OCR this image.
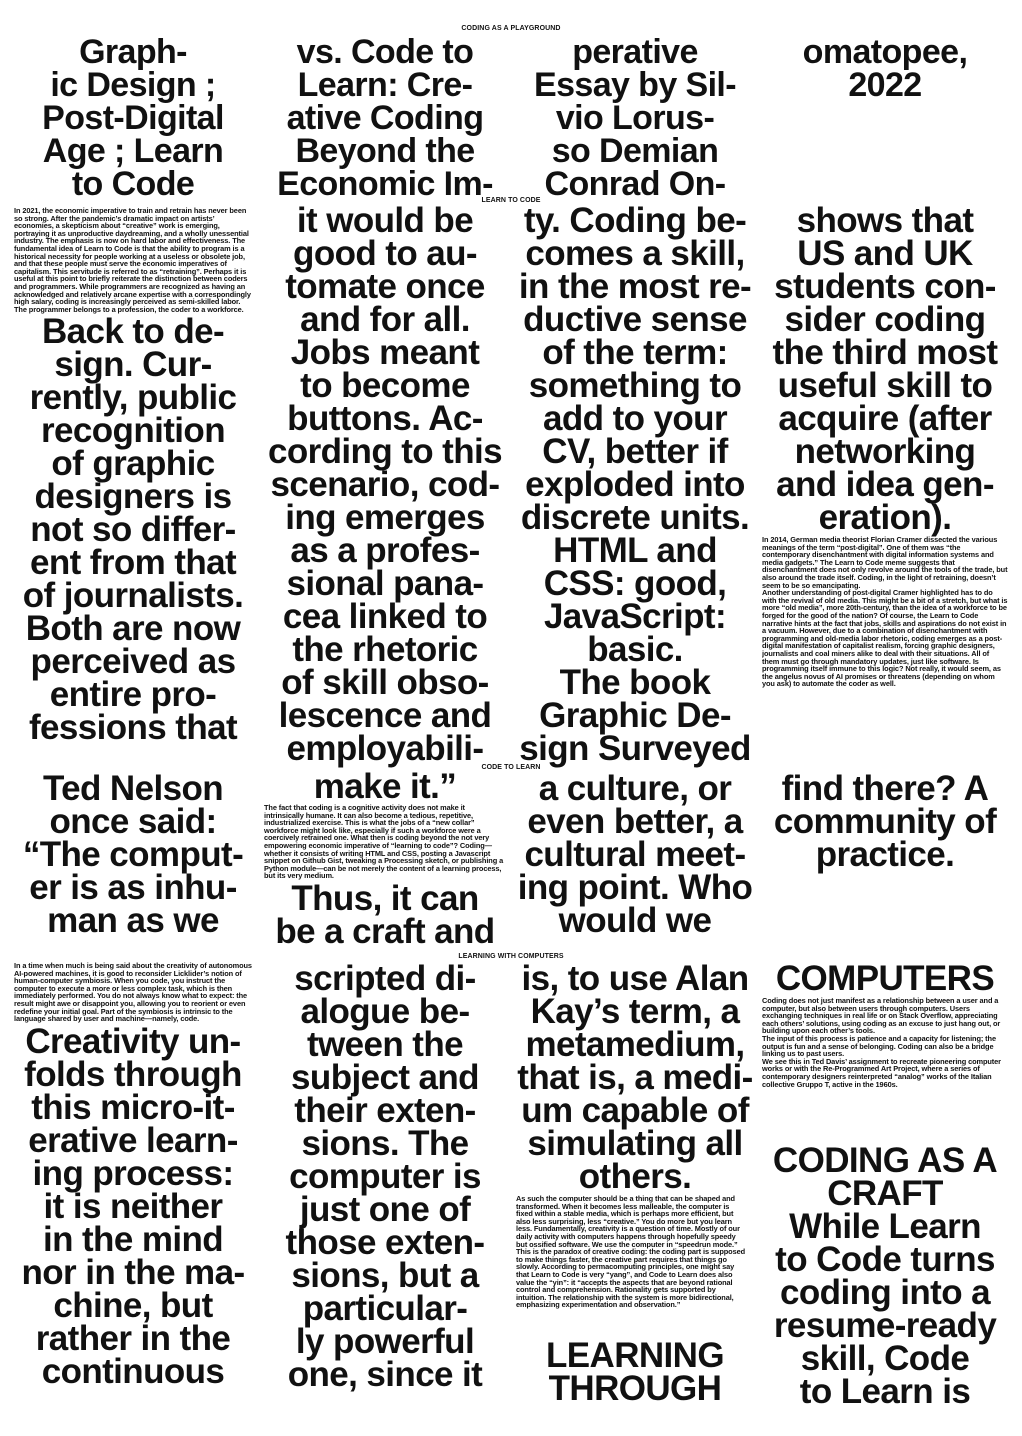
CODING AS A PLAYGROUND
LEARN TO CODE
CODE TO LEARN
LEARNING WITH COMPUTERS
Graph-
ic Design ;
Post-Digital
Age ; Learn
to Code
vs. Code to
Learn: Cre-
ative Coding
Beyond the
Economic Im-
perative
Essay by Sil-
vio Lorus-
so Demian
Conrad On-
omatopee,
2022
In 2021, the economic imperative to train and retrain has never been so strong. After the pandemic’s dramatic impact on artists’ economies, a skepticism about “creative” work is emerging, portraying it as unproductive daydreaming, and a wholly unessential industry. The emphasis is now on hard labor and effectiveness. The fundamental idea of Learn to Code is that the ability to program is a historical necessity for people working at a useless or obsolete job, and that these people must serve the economic imperatives of capitalism. This servitude is referred to as “retraining”. Perhaps it is useful at this point to briefly reiterate the distinction between coders and programmers. While programmers are recognized as having an acknowledged and relatively arcane expertise with a correspondingly high salary, coding is increasingly perceived as semi-skilled labor. The programmer belongs to a profession, the coder to a workforce.
Back to de-
sign. Cur-
rently, public
recognition
of graphic
designers is
not so differ-
ent from that
of journalists.
Both are now
perceived as
entire pro-
fessions that
it would be
good to au-
tomate once
and for all.
Jobs meant
to become
buttons. Ac-
cording to this
scenario, cod-
ing emerges
as a profes-
sional pana-
cea linked to
the rhetoric
of skill obso-
lescence and
employabili-
ty. Coding be-
comes a skill,
in the most re-
ductive sense
of the term:
something to
add to your
CV, better if
exploded into
discrete units.
HTML and
CSS: good,
JavaScript:
basic.
The book
Graphic De-
sign Surveyed
shows that
US and UK
students con-
sider coding
the third most
useful skill to
acquire (after
networking
and idea gen-
eration).
In 2014, German media theorist Florian Cramer dissected the various meanings of the term “post-digital”. One of them was “the contemporary disenchantment with digital information systems and media gadgets.” The Learn to Code meme suggests that disenchantment does not only revolve around the tools of the trade, but also around the trade itself. Coding, in the light of retraining, doesn’t seem to be so emancipating.
Another understanding of post-digital Cramer highlighted has to do with the revival of old media. This might be a bit of a stretch, but what is more “old media”, more 20th-century, than the idea of a workforce to be forged for the good of the nation? Of course, the Learn to Code narrative hints at the fact that jobs, skills and aspirations do not exist in a vacuum. However, due to a combination of disenchantment with programming and old-media labor rhetoric, coding emerges as a post-digital manifestation of capitalist realism, forcing graphic designers, journalists and coal miners alike to deal with their situations. All of them must go through mandatory updates, just like software. Is programming itself immune to this logic? Not really, it would seem, as the angelus novus of AI promises or threatens (depending on whom you ask) to automate the coder as well.
Ted Nelson
once said:
“The comput-
er is as inhu-
man as we
make it.”
The fact that coding is a cognitive activity does not make it intrinsically humane. It can also become a tedious, repetitive, industrialized exercise. This is what the jobs of a “new collar” workforce might look like, especially if such a workforce were a coercively retrained one. What then is coding beyond the not very empowering economic imperative of “learning to code”? Coding—whether it consists of writing HTML and CSS, posting a Javascript snippet on Github Gist, tweaking a Processing sketch, or publishing a Python module—can be not merely the content of a learning process, but its very medium.
Thus, it can
be a craft and
a culture, or
even better, a
cultural meet-
ing point. Who
would we
find there? A
community of
practice.
In a time when much is being said about the creativity of autonomous AI-powered machines, it is good to reconsider Licklider’s notion of human-computer symbiosis. When you code, you instruct the computer to execute a more or less complex task, which is then immediately performed. You do not always know what to expect: the result might awe or disappoint you, allowing you to reorient or even redefine your initial goal. Part of the symbiosis is intrinsic to the language shared by user and machine—namely, code.
Creativity un-
folds through
this micro-it-
erative learn-
ing process:
it is neither
in the mind
nor in the ma-
chine, but
rather in the
continuous
scripted di-
alogue be-
tween the
subject and
their exten-
sions. The
computer is
just one of
those exten-
sions, but a
particular-
ly powerful
one, since it
is, to use Alan
Kay’s term, a
metamedium,
that is, a medi-
um capable of
simulating all
others.
As such the computer should be a thing that can be shaped and transformed. When it becomes less malleable, the computer is fixed within a stable media, which is perhaps more efficient, but also less surprising, less “creative.” You do more but you learn less. Fundamentally, creativity is a question of time. Mostly of our daily activity with computers happens through hopefully speedy but ossified software. We use the computer in “speedrun mode.” This is the paradox of creative coding: the coding part is supposed to make things faster, the creative part requires that things go slowly. According to permacomputing principles, one might say that Learn to Code is very “yang”, and Code to Learn does also value the “yin”: it “accepts the aspects that are beyond rational control and comprehension. Rationality gets supported by intuition. The relationship with the system is more bidirectional, emphasizing experimentation and observation.”
LEARNING
THROUGH
COMPUTERS
Coding does not just manifest as a relationship between a user and a computer, but also between users through computers. Users exchanging techniques in real life or on Stack Overflow, appreciating each others’ solutions, using coding as an excuse to just hang out, or building upon each other’s tools.
The input of this process is patience and a capacity for listening; the output is fun and a sense of belonging. Coding can also be a bridge linking us to past users.
We see this in Ted Davis’ assignment to recreate pioneering computer works or with the Re-Programmed Art Project, where a series of contemporary designers reinterpreted “analog” works of the Italian collective Gruppo T, active in the 1960s.
CODING AS A
CRAFT
While Learn
to Code turns
coding into a
resume-ready
skill, Code
to Learn is
